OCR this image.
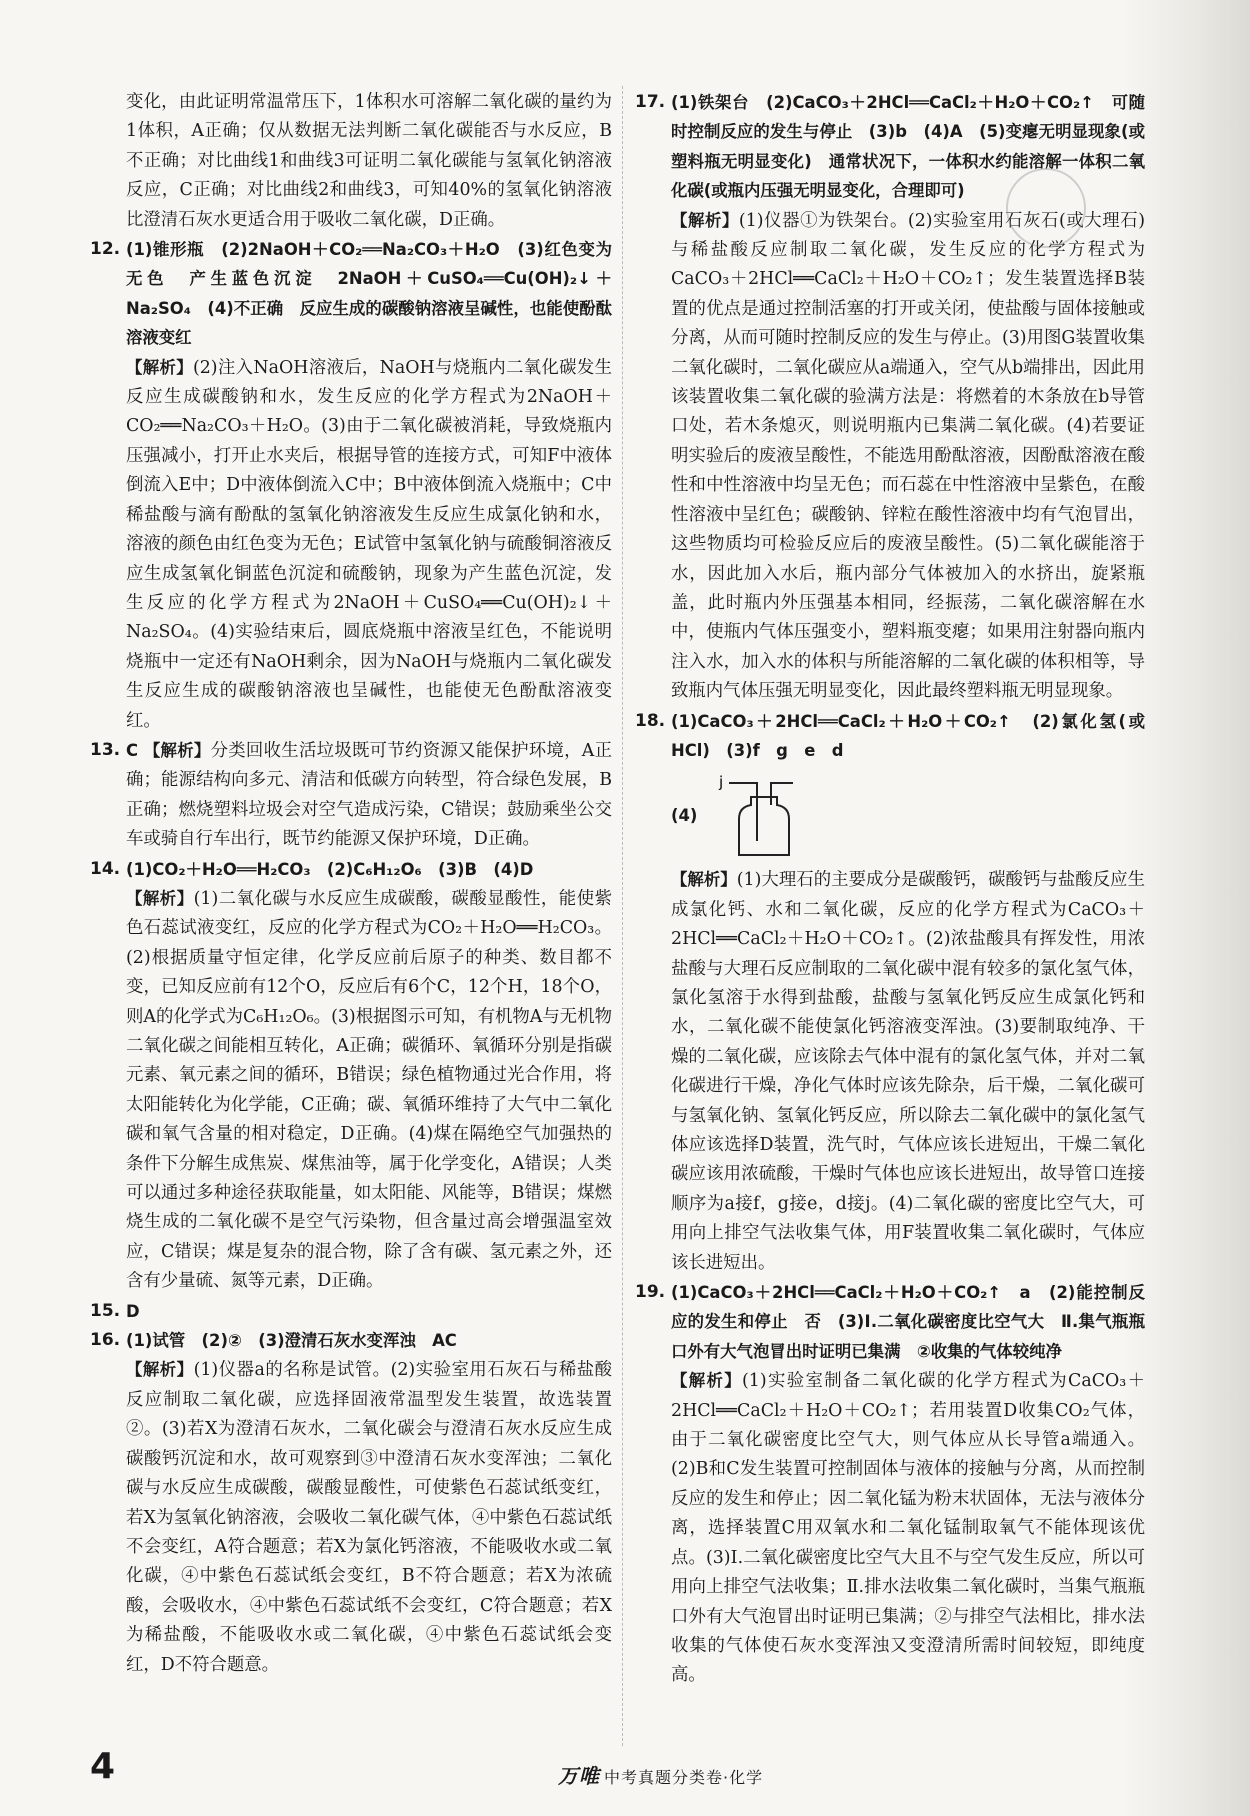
变化，由此证明常温常压下，1体积水可溶解二氧化碳的量约为1体积，A正确；仅从数据无法判断二氧化碳能否与水反应，B不正确；对比曲线1和曲线3可证明二氧化碳能与氢氧化钠溶液反应，C正确；对比曲线2和曲线3，可知40%的氢氧化钠溶液比澄清石灰水更适合用于吸收二氧化碳，D正确。

12. (1)锥形瓶　(2)2NaOH＋CO₂══Na₂CO₃＋H₂O　(3)红色变为无色　产生蓝色沉淀　2NaOH＋CuSO₄══Cu(OH)₂↓＋Na₂SO₄　(4)不正确　反应生成的碳酸钠溶液呈碱性，也能使酚酞溶液变红

【解析】(2)注入NaOH溶液后，NaOH与烧瓶内二氧化碳发生反应生成碳酸钠和水，发生反应的化学方程式为2NaOH＋CO₂══Na₂CO₃＋H₂O。(3)由于二氧化碳被消耗，导致烧瓶内压强减小，打开止水夹后，根据导管的连接方式，可知F中液体倒流入E中；D中液体倒流入C中；B中液体倒流入烧瓶中；C中稀盐酸与滴有酚酞的氢氧化钠溶液发生反应生成氯化钠和水，溶液的颜色由红色变为无色；E试管中氢氧化钠与硫酸铜溶液反应生成氢氧化铜蓝色沉淀和硫酸钠，现象为产生蓝色沉淀，发生反应的化学方程式为2NaOH＋CuSO₄══Cu(OH)₂↓＋Na₂SO₄。(4)实验结束后，圆底烧瓶中溶液呈红色，不能说明烧瓶中一定还有NaOH剩余，因为NaOH与烧瓶内二氧化碳发生反应生成的碳酸钠溶液也呈碱性，也能使无色酚酞溶液变红。

13. C 【解析】分类回收生活垃圾既可节约资源又能保护环境，A正确；能源结构向多元、清洁和低碳方向转型，符合绿色发展，B正确；燃烧塑料垃圾会对空气造成污染，C错误；鼓励乘坐公交车或骑自行车出行，既节约能源又保护环境，D正确。

14. (1)CO₂＋H₂O══H₂CO₃　(2)C₆H₁₂O₆　(3)B　(4)D

【解析】(1)二氧化碳与水反应生成碳酸，碳酸显酸性，能使紫色石蕊试液变红，反应的化学方程式为CO₂＋H₂O══H₂CO₃。(2)根据质量守恒定律，化学反应前后原子的种类、数目都不变，已知反应前有12个O，反应后有6个C，12个H，18个O，则A的化学式为C₆H₁₂O₆。(3)根据图示可知，有机物A与无机物二氧化碳之间能相互转化，A正确；碳循环、氧循环分别是指碳元素、氧元素之间的循环，B错误；绿色植物通过光合作用，将太阳能转化为化学能，C正确；碳、氧循环维持了大气中二氧化碳和氧气含量的相对稳定，D正确。(4)煤在隔绝空气加强热的条件下分解生成焦炭、煤焦油等，属于化学变化，A错误；人类可以通过多种途径获取能量，如太阳能、风能等，B错误；煤燃烧生成的二氧化碳不是空气污染物，但含量过高会增强温室效应，C错误；煤是复杂的混合物，除了含有碳、氢元素之外，还含有少量硫、氮等元素，D正确。

15. D

16. (1)试管　(2)②　(3)澄清石灰水变浑浊　AC

【解析】(1)仪器a的名称是试管。(2)实验室用石灰石与稀盐酸反应制取二氧化碳，应选择固液常温型发生装置，故选装置②。(3)若X为澄清石灰水，二氧化碳会与澄清石灰水反应生成碳酸钙沉淀和水，故可观察到③中澄清石灰水变浑浊；二氧化碳与水反应生成碳酸，碳酸显酸性，可使紫色石蕊试纸变红，若X为氢氧化钠溶液，会吸收二氧化碳气体，④中紫色石蕊试纸不会变红，A符合题意；若X为氯化钙溶液，不能吸收水或二氧化碳，④中紫色石蕊试纸会变红，B不符合题意；若X为浓硫酸，会吸收水，④中紫色石蕊试纸不会变红，C符合题意；若X为稀盐酸，不能吸收水或二氧化碳，④中紫色石蕊试纸会变红，D不符合题意。

17. (1)铁架台　(2)CaCO₃＋2HCl══CaCl₂＋H₂O＋CO₂↑　可随时控制反应的发生与停止　(3)b　(4)A　(5)变瘪无明显现象(或塑料瓶无明显变化)　通常状况下，一体积水约能溶解一体积二氧化碳(或瓶内压强无明显变化，合理即可)

【解析】(1)仪器①为铁架台。(2)实验室用石灰石(或大理石)与稀盐酸反应制取二氧化碳，发生反应的化学方程式为CaCO₃＋2HCl══CaCl₂＋H₂O＋CO₂↑；发生装置选择B装置的优点是通过控制活塞的打开或关闭，使盐酸与固体接触或分离，从而可随时控制反应的发生与停止。(3)用图G装置收集二氧化碳时，二氧化碳应从a端通入，空气从b端排出，因此用该装置收集二氧化碳的验满方法是：将燃着的木条放在b导管口处，若木条熄灭，则说明瓶内已集满二氧化碳。(4)若要证明实验后的废液呈酸性，不能选用酚酞溶液，因酚酞溶液在酸性和中性溶液中均呈无色；而石蕊在中性溶液中呈紫色，在酸性溶液中呈红色；碳酸钠、锌粒在酸性溶液中均有气泡冒出，这些物质均可检验反应后的废液呈酸性。(5)二氧化碳能溶于水，因此加入水后，瓶内部分气体被加入的水挤出，旋紧瓶盖，此时瓶内外压强基本相同，经振荡，二氧化碳溶解在水中，使瓶内气体压强变小，塑料瓶变瘪；如果用注射器向瓶内注入水，加入水的体积与所能溶解的二氧化碳的体积相等，导致瓶内气体压强无明显变化，因此最终塑料瓶无明显现象。

18. (1)CaCO₃＋2HCl══CaCl₂＋H₂O＋CO₂↑　(2)氯化氢(或HCl)　(3)f　g　e　d

(4)
j

【解析】(1)大理石的主要成分是碳酸钙，碳酸钙与盐酸反应生成氯化钙、水和二氧化碳，反应的化学方程式为CaCO₃＋2HCl══CaCl₂＋H₂O＋CO₂↑。(2)浓盐酸具有挥发性，用浓盐酸与大理石反应制取的二氧化碳中混有较多的氯化氢气体，氯化氢溶于水得到盐酸，盐酸与氢氧化钙反应生成氯化钙和水，二氧化碳不能使氯化钙溶液变浑浊。(3)要制取纯净、干燥的二氧化碳，应该除去气体中混有的氯化氢气体，并对二氧化碳进行干燥，净化气体时应该先除杂，后干燥，二氧化碳可与氢氧化钠、氢氧化钙反应，所以除去二氧化碳中的氯化氢气体应该选择D装置，洗气时，气体应该长进短出，干燥二氧化碳应该用浓硫酸，干燥时气体也应该长进短出，故导管口连接顺序为a接f，g接e，d接j。(4)二氧化碳的密度比空气大，可用向上排空气法收集气体，用F装置收集二氧化碳时，气体应该长进短出。

19. (1)CaCO₃＋2HCl══CaCl₂＋H₂O＋CO₂↑　a　(2)能控制反应的发生和停止　否　(3)Ⅰ.二氧化碳密度比空气大　Ⅱ.集气瓶瓶口外有大气泡冒出时证明已集满　②收集的气体较纯净

【解析】(1)实验室制备二氧化碳的化学方程式为CaCO₃＋2HCl══CaCl₂＋H₂O＋CO₂↑；若用装置D收集CO₂气体，由于二氧化碳密度比空气大，则气体应从长导管a端通入。(2)B和C发生装置可控制固体与液体的接触与分离，从而控制反应的发生和停止；因二氧化锰为粉末状固体，无法与液体分离，选择装置C用双氧水和二氧化锰制取氧气不能体现该优点。(3)Ⅰ.二氧化碳密度比空气大且不与空气发生反应，所以可用向上排空气法收集；Ⅱ.排水法收集二氧化碳时，当集气瓶瓶口外有大气泡冒出时证明已集满；②与排空气法相比，排水法收集的气体使石灰水变浑浊又变澄清所需时间较短，即纯度高。

4	万唯 中考真题分类卷·化学
